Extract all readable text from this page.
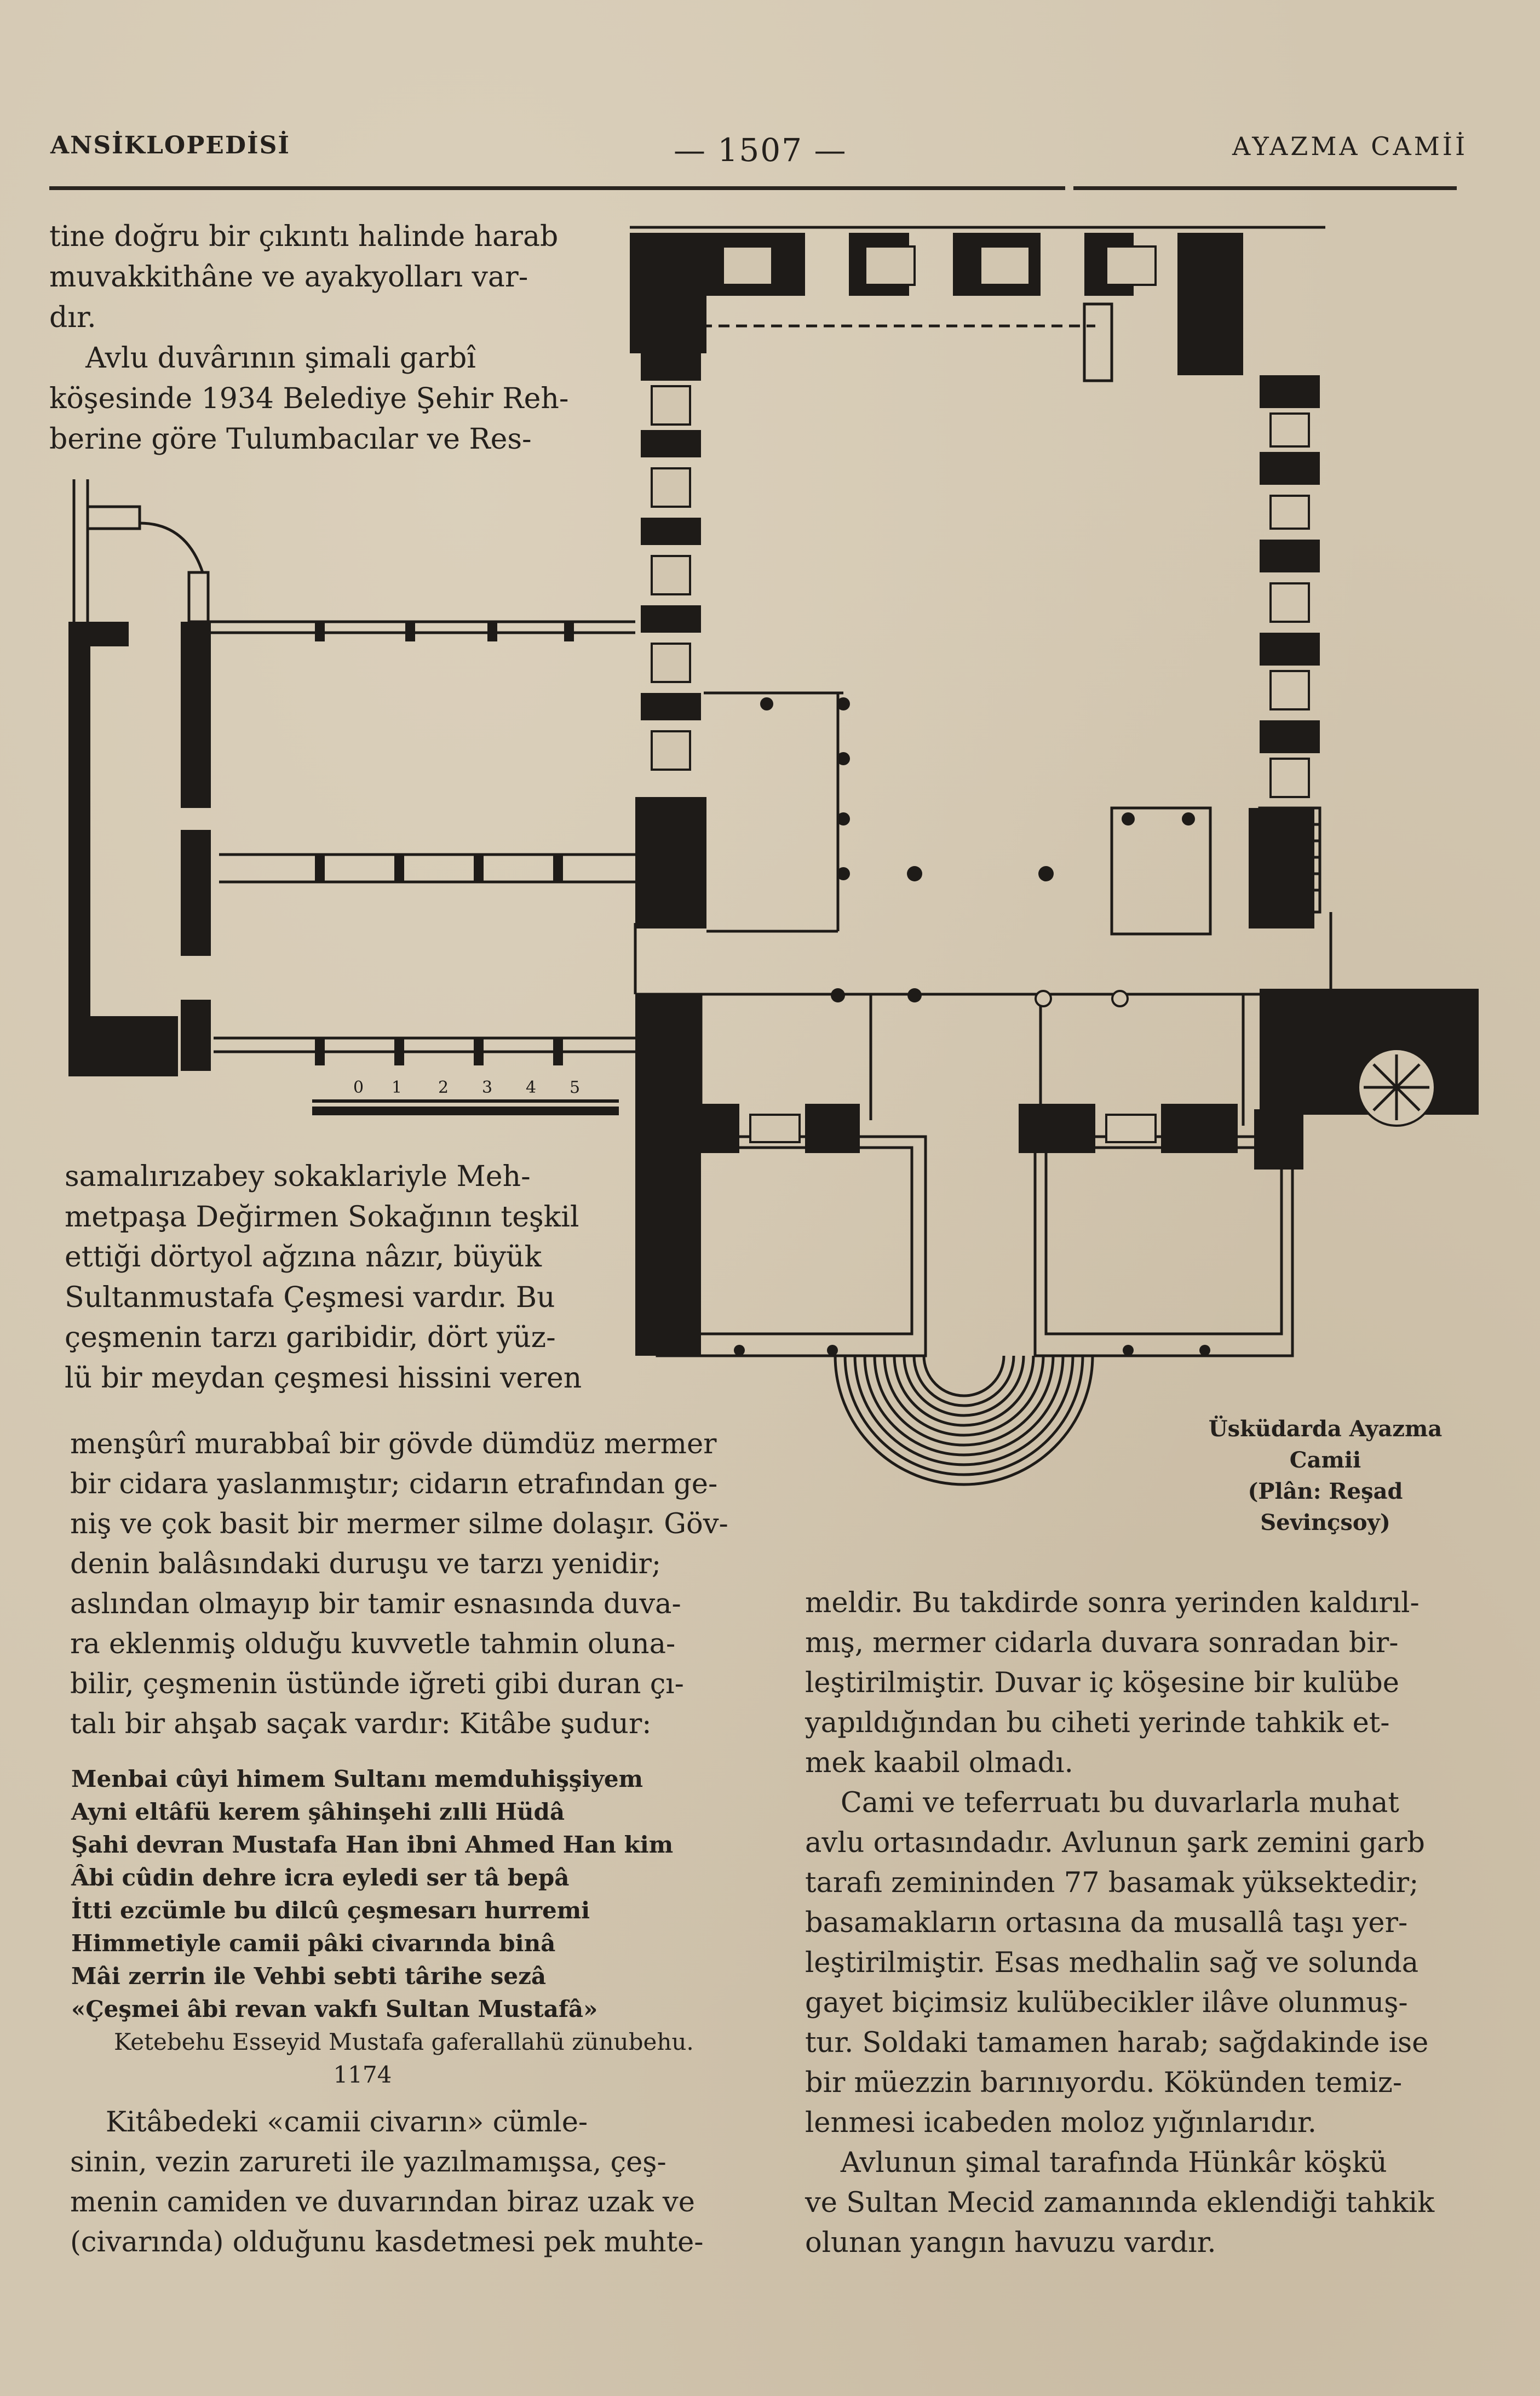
ANSİKLOPEDİSİ	— 1507 —	AYAZMA CAMİİ

tine doğru bir çıkıntı halinde harab
muvakkithâne ve ayakyolları var-
dır.
Avlu duvârının şimali garbî
köşesinde 1934 Belediye Şehir Reh-
berine göre Tulumbacılar ve Res-

samalırızabey sokaklariyle Meh-
metpaşa Değirmen Sokağının teşkil
ettiği dörtyol ağzına nâzır, büyük
Sultanmustafa Çeşmesi vardır. Bu
çeşmenin tarzı garibidir, dört yüz-
lü bir meydan çeşmesi hissini veren

menşûrî murabbaî bir gövde dümdüz mermer
bir cidara yaslanmıştır; cidarın etrafından ge-
niş ve çok basit bir mermer silme dolaşır. Göv-
denin balâsındaki duruşu ve tarzı yenidir;
aslından olmayıp bir tamir esnasında duva-
ra eklenmiş olduğu kuvvetle tahmin oluna-
bilir, çeşmenin üstünde iğreti gibi duran çı-
talı bir ahşab saçak vardır: Kitâbe şudur:

Menbai cûyi himem Sultanı memduhişşiyem
Ayni eltâfü kerem şâhinşehi zılli Hüdâ
Şahi devran Mustafa Han ibni Ahmed Han kim
Âbi cûdin dehre icra eyledi ser tâ bepâ
İtti ezcümle bu dilcû çeşmesarı hurremi
Himmetiyle camii pâki civarında binâ
Mâi zerrin ile Vehbi sebti târihe sezâ
«Çeşmei âbi revan vakfı Sultan Mustafâ»

Ketebehu Esseyid Mustafa gaferallahü zünubehu.
1174

Kitâbedeki «camii civarın» cümle-
sinin, vezin zarureti ile yazılmamışsa, çeş-
menin camiden ve duvarından biraz uzak ve
(civarında) olduğunu kasdetmesi pek muhte-

meldir. Bu takdirde sonra yerinden kaldırıl-
mış, mermer cidarla duvara sonradan bir-
leştirilmiştir. Duvar iç köşesine bir kulübe
yapıldığından bu ciheti yerinde tahkik et-
mek kaabil olmadı.
Cami ve teferruatı bu duvarlarla muhat
avlu ortasındadır. Avlunun şark zemini garb
tarafı zemininden 77 basamak yüksektedir;
basamakların ortasına da musallâ taşı yer-
leştirilmiştir. Esas medhalin sağ ve solunda
gayet biçimsiz kulübecikler ilâve olunmuş-
tur. Soldaki tamamen harab; sağdakinde ise
bir müezzin barınıyordu. Kökünden temiz-
lenmesi icabeden moloz yığınlarıdır.
Avlunun şimal tarafında Hünkâr köşkü
ve Sultan Mecid zamanında eklendiği tahkik
olunan yangın havuzu vardır.

Üsküdarda Ayazma
Camii
(Plân: Reşad
Sevinçsoy)
0 1 2 3 4 5
